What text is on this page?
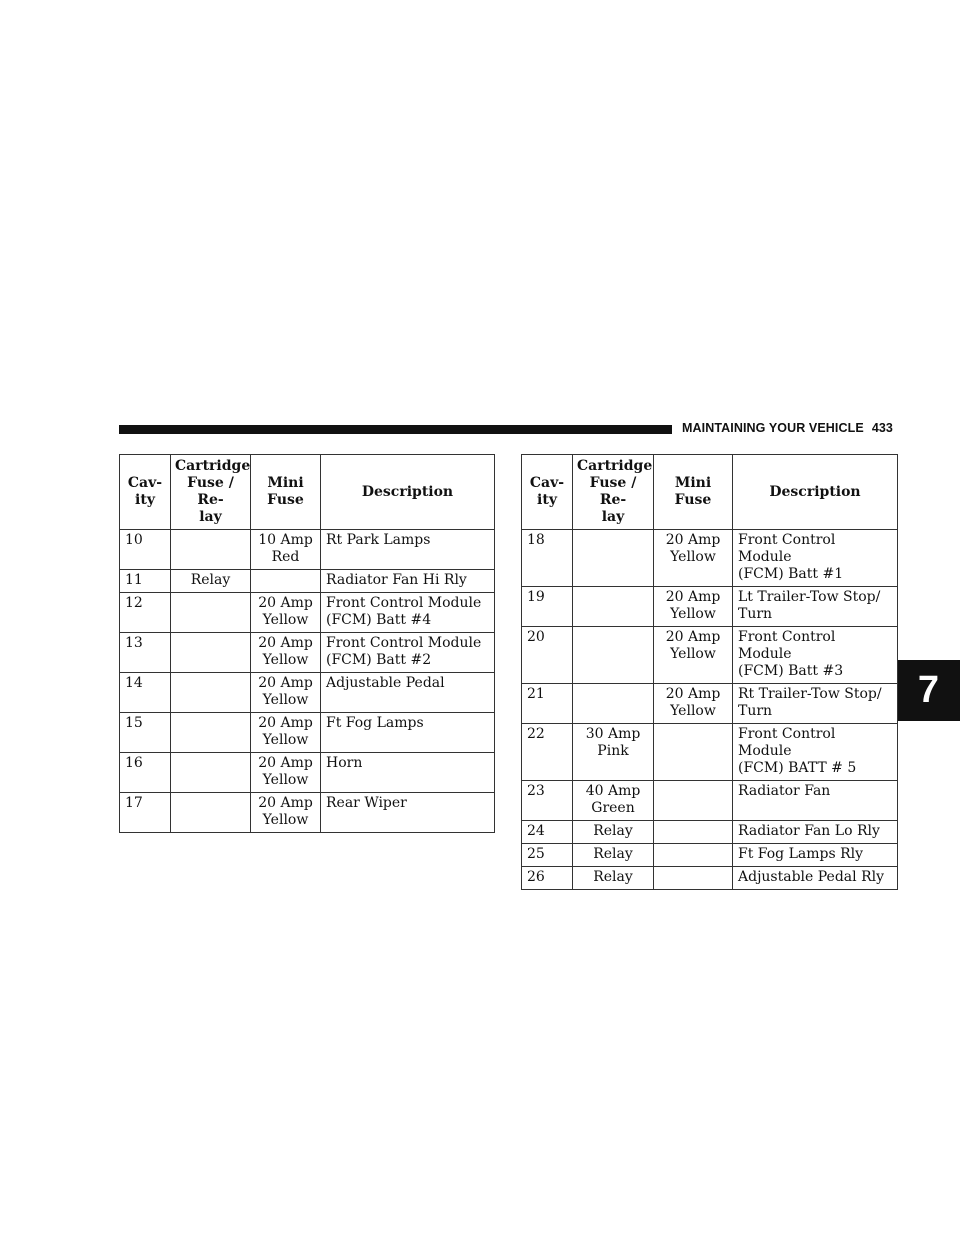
MAINTAINING YOUR VEHICLE 433
7
Cav-
ity	Cartridge
Fuse / Re-
lay	Mini Fuse	Description
10		10 Amp
Red	Rt Park Lamps
11	Relay		Radiator Fan Hi Rly
12		20 Amp
Yellow	Front Control Module
(FCM) Batt #4
13		20 Amp
Yellow	Front Control Module
(FCM) Batt #2
14		20 Amp
Yellow	Adjustable Pedal
15		20 Amp
Yellow	Ft Fog Lamps
16		20 Amp
Yellow	Horn
17		20 Amp
Yellow	Rear Wiper
Cav-
ity	Cartridge
Fuse / Re-
lay	Mini Fuse	Description
18		20 Amp
Yellow	Front Control Module
(FCM) Batt #1
19		20 Amp
Yellow	Lt Trailer-Tow Stop/
Turn
20		20 Amp
Yellow	Front Control Module
(FCM) Batt #3
21		20 Amp
Yellow	Rt Trailer-Tow Stop/
Turn
22	30 Amp
Pink		Front Control Module
(FCM) BATT # 5
23	40 Amp
Green		Radiator Fan
24	Relay		Radiator Fan Lo Rly
25	Relay		Ft Fog Lamps Rly
26	Relay		Adjustable Pedal Rly
